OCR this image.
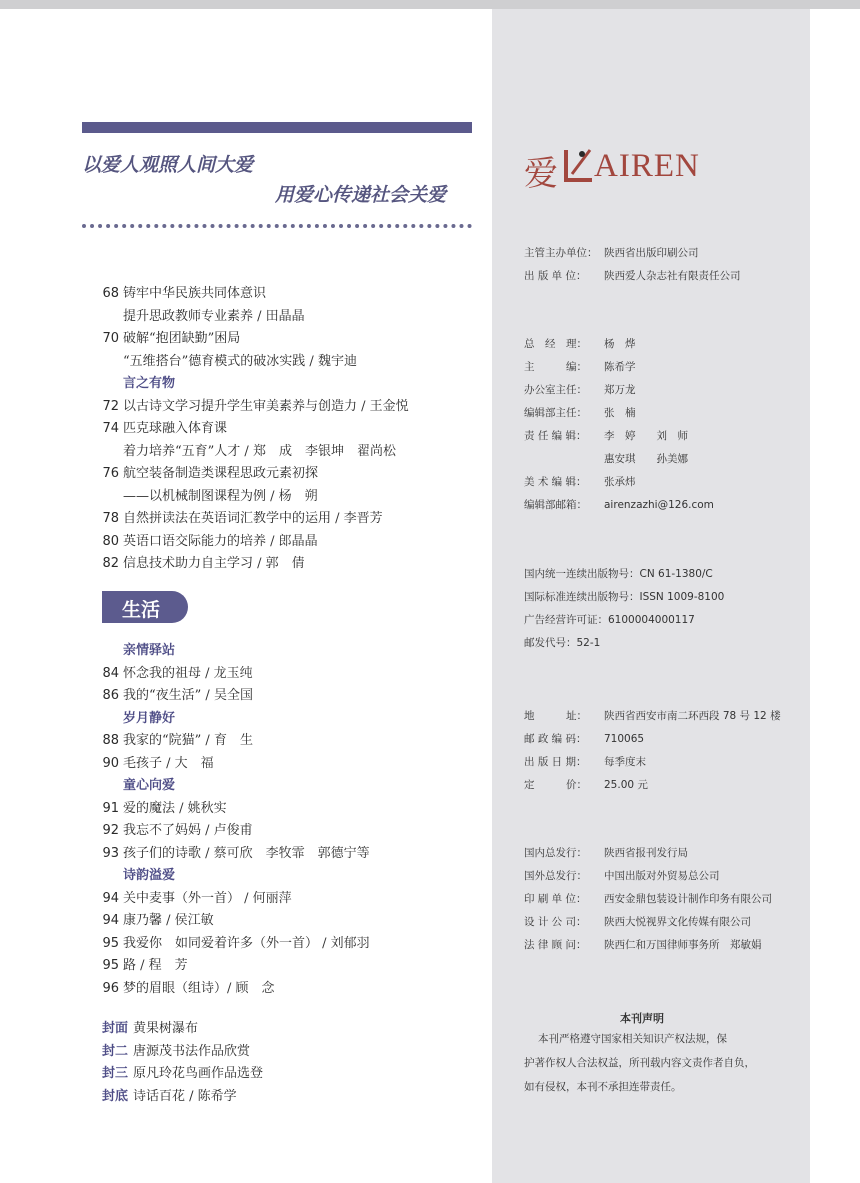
以爱人观照人间大爱
用爱心传递社会关爱
68 铸牢中华民族共同体意识
提升思政教师专业素养 / 田晶晶
70 破解“抱团缺勤”困局
“五维搭台”德育模式的破冰实践 / 魏宇迪
言之有物
72 以古诗文学习提升学生审美素养与创造力 / 王金悦
74 匹克球融入体育课
着力培养“五育”人才 / 郑　成　李银坤　翟尚松
76 航空装备制造类课程思政元素初探
——以机械制图课程为例 / 杨　朔
78 自然拼读法在英语词汇教学中的运用 / 李晋芳
80 英语口语交际能力的培养 / 郎晶晶
82 信息技术助力自主学习 / 郭　倩
亲情驿站
84 怀念我的祖母 / 龙玉纯
86 我的“夜生活” / 吴全国
岁月静好
88 我家的“院猫” / 育　生
90 毛孩子 / 大　福
童心向爱
91 爱的魔法 / 姚秋实
92 我忘不了妈妈 / 卢俊甫
93 孩子们的诗歌 / 蔡可欣　李牧霏　郭德宁等
诗韵溢爱
94 关中麦事（外一首） / 何丽萍
94 康乃馨 / 侯江敏
95 我爱你　如同爱着许多（外一首） / 刘郁羽
95 路 / 程　芳
96 梦的眉眼（组诗）/ 顾　念
封面 黄果树瀑布
封二 唐源茂书法作品欣赏
封三 原凡玲花鸟画作品选登
封底 诗话百花 / 陈希学
生活
爱 AIREN
主管主办单位： 陕西省出版印刷公司
出 版 单 位： 陕西爱人杂志社有限责任公司
总　经　理： 杨　烨
主　　　编： 陈希学
办公室主任： 郑万龙
编辑部主任： 张　楠
责 任 编 辑： 李　婷　　刘　师
惠安琪　　孙美娜
美 术 编 辑： 张承炜
编辑部邮箱： airenzazhi@126.com
国内统一连续出版物号：CN 61-1380/C
国际标准连续出版物号：ISSN 1009-8100
广告经营许可证：6100004000117
邮发代号：52-1
地　　　址： 陕西省西安市南二环西段 78 号 12 楼
邮 政 编 码： 710065
出 版 日 期： 每季度末
定　　　价： 25.00 元
国内总发行： 陕西省报刊发行局
国外总发行： 中国出版对外贸易总公司
印 刷 单 位： 西安金鼎包装设计制作印务有限公司
设 计 公 司： 陕西大悦视界文化传媒有限公司
法 律 顾 问： 陕西仁和万国律师事务所　郑敏娟
本刊声明
本刊严格遵守国家相关知识产权法规，保
护著作权人合法权益，所刊载内容文责作者自负，
如有侵权，本刊不承担连带责任。
